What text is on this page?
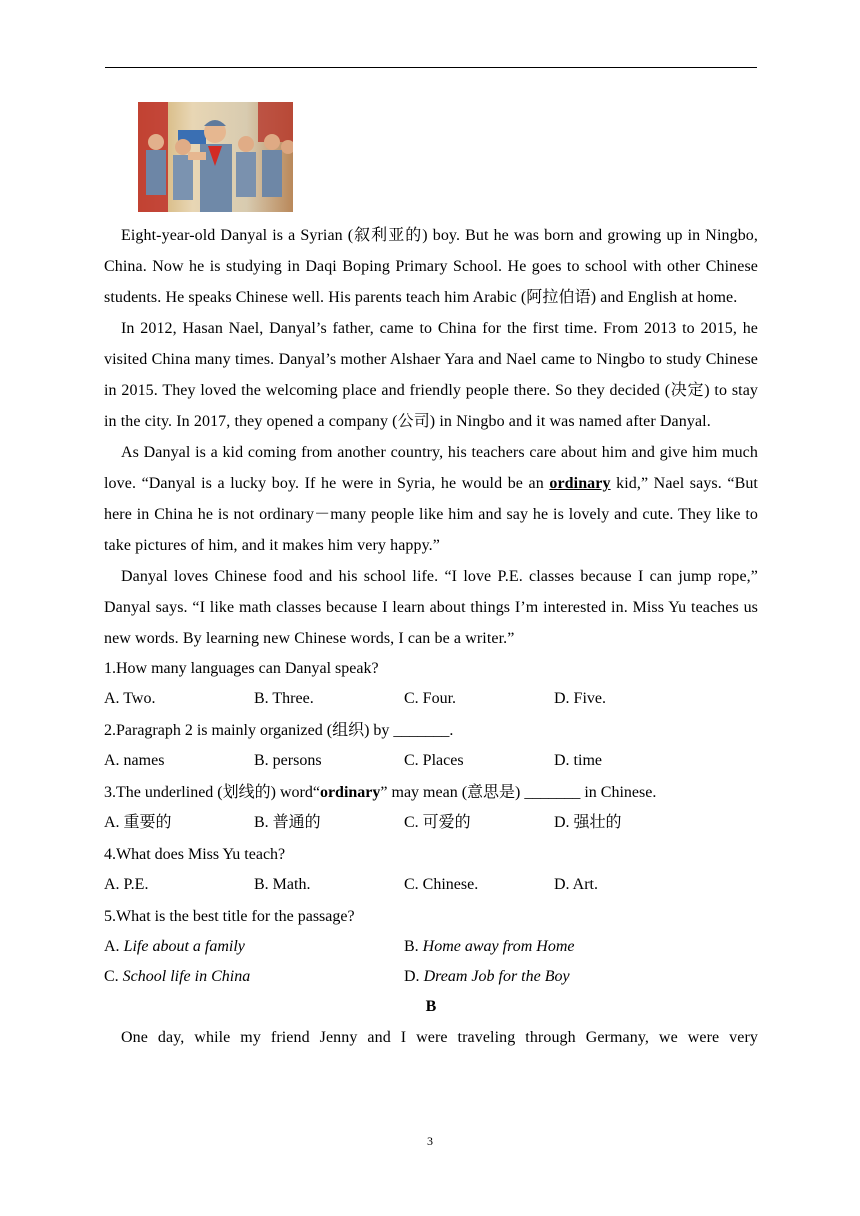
Eight-year-old Danyal is a Syrian (叙利亚的) boy. But he was born and growing up in Ningbo, China. Now he is studying in Daqi Boping Primary School. He goes to school with other Chinese students. He speaks Chinese well. His parents teach him Arabic (阿拉伯语) and English at home.

In 2012, Hasan Nael, Danyal’s father, came to China for the first time. From 2013 to 2015, he visited China many times. Danyal’s mother Alshaer Yara and Nael came to Ningbo to study Chinese in 2015. They loved the welcoming place and friendly people there. So they decided (决定) to stay in the city. In 2017, they opened a company (公司) in Ningbo and it was named after Danyal.

As Danyal is a kid coming from another country, his teachers care about him and give him much love. “Danyal is a lucky boy. If he were in Syria, he would be an ordinary kid,” Nael says. “But here in China he is not ordinary－many people like him and say he is lovely and cute. They like to take pictures of him, and it makes him very happy.”

Danyal loves Chinese food and his school life. “I love P.E. classes because I can jump rope,” Danyal says. “I like math classes because I learn about things I’m interested in. Miss Yu teaches us new words. By learning new Chinese words, I can be a writer.”

1.How many languages can Danyal speak?
A. Two.	B. Three.	C. Four.	D. Five.
2.Paragraph 2 is mainly organized (组织) by _______.
A. names	B. persons	C. Places	D. time
3.The underlined (划线的) word“ordinary” may mean (意思是) _______ in Chinese.
A. 重要的	B. 普通的	C. 可爱的	D. 强壮的
4.What does Miss Yu teach?
A. P.E.	B. Math.	C. Chinese.	D. Art.
5.What is the best title for the passage?
A. Life about a family	B. Home away from Home
C. School life in China	D. Dream Job for the Boy
B

One day, while my friend Jenny and I were traveling through Germany, we were very

3
